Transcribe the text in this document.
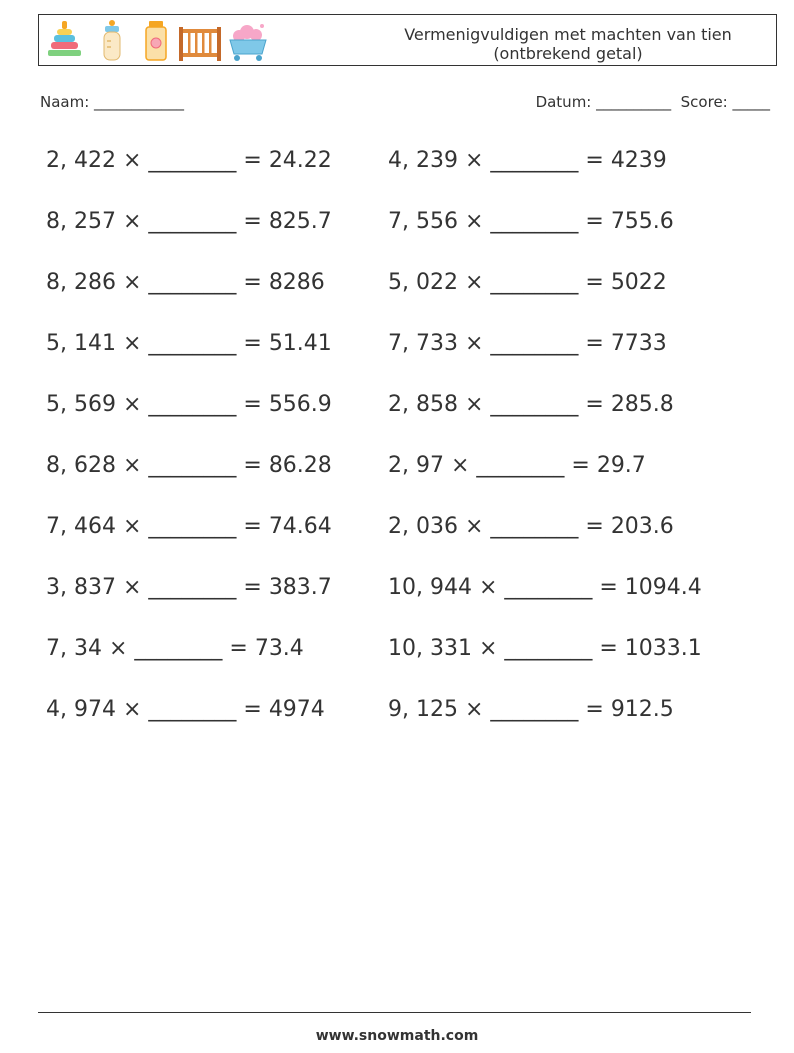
Vermenigvuldigen met machten van tien
(ontbrekend getal)
Naam: ____________	Datum: __________  Score: _____
2, 422 × ________ = 24.22
8, 257 × ________ = 825.7
8, 286 × ________ = 8286
5, 141 × ________ = 51.41
5, 569 × ________ = 556.9
8, 628 × ________ = 86.28
7, 464 × ________ = 74.64
3, 837 × ________ = 383.7
7, 34 × ________ = 73.4
4, 974 × ________ = 4974
4, 239 × ________ = 4239
7, 556 × ________ = 755.6
5, 022 × ________ = 5022
7, 733 × ________ = 7733
2, 858 × ________ = 285.8
2, 97 × ________ = 29.7
2, 036 × ________ = 203.6
10, 944 × ________ = 1094.4
10, 331 × ________ = 1033.1
9, 125 × ________ = 912.5
www.snowmath.com
